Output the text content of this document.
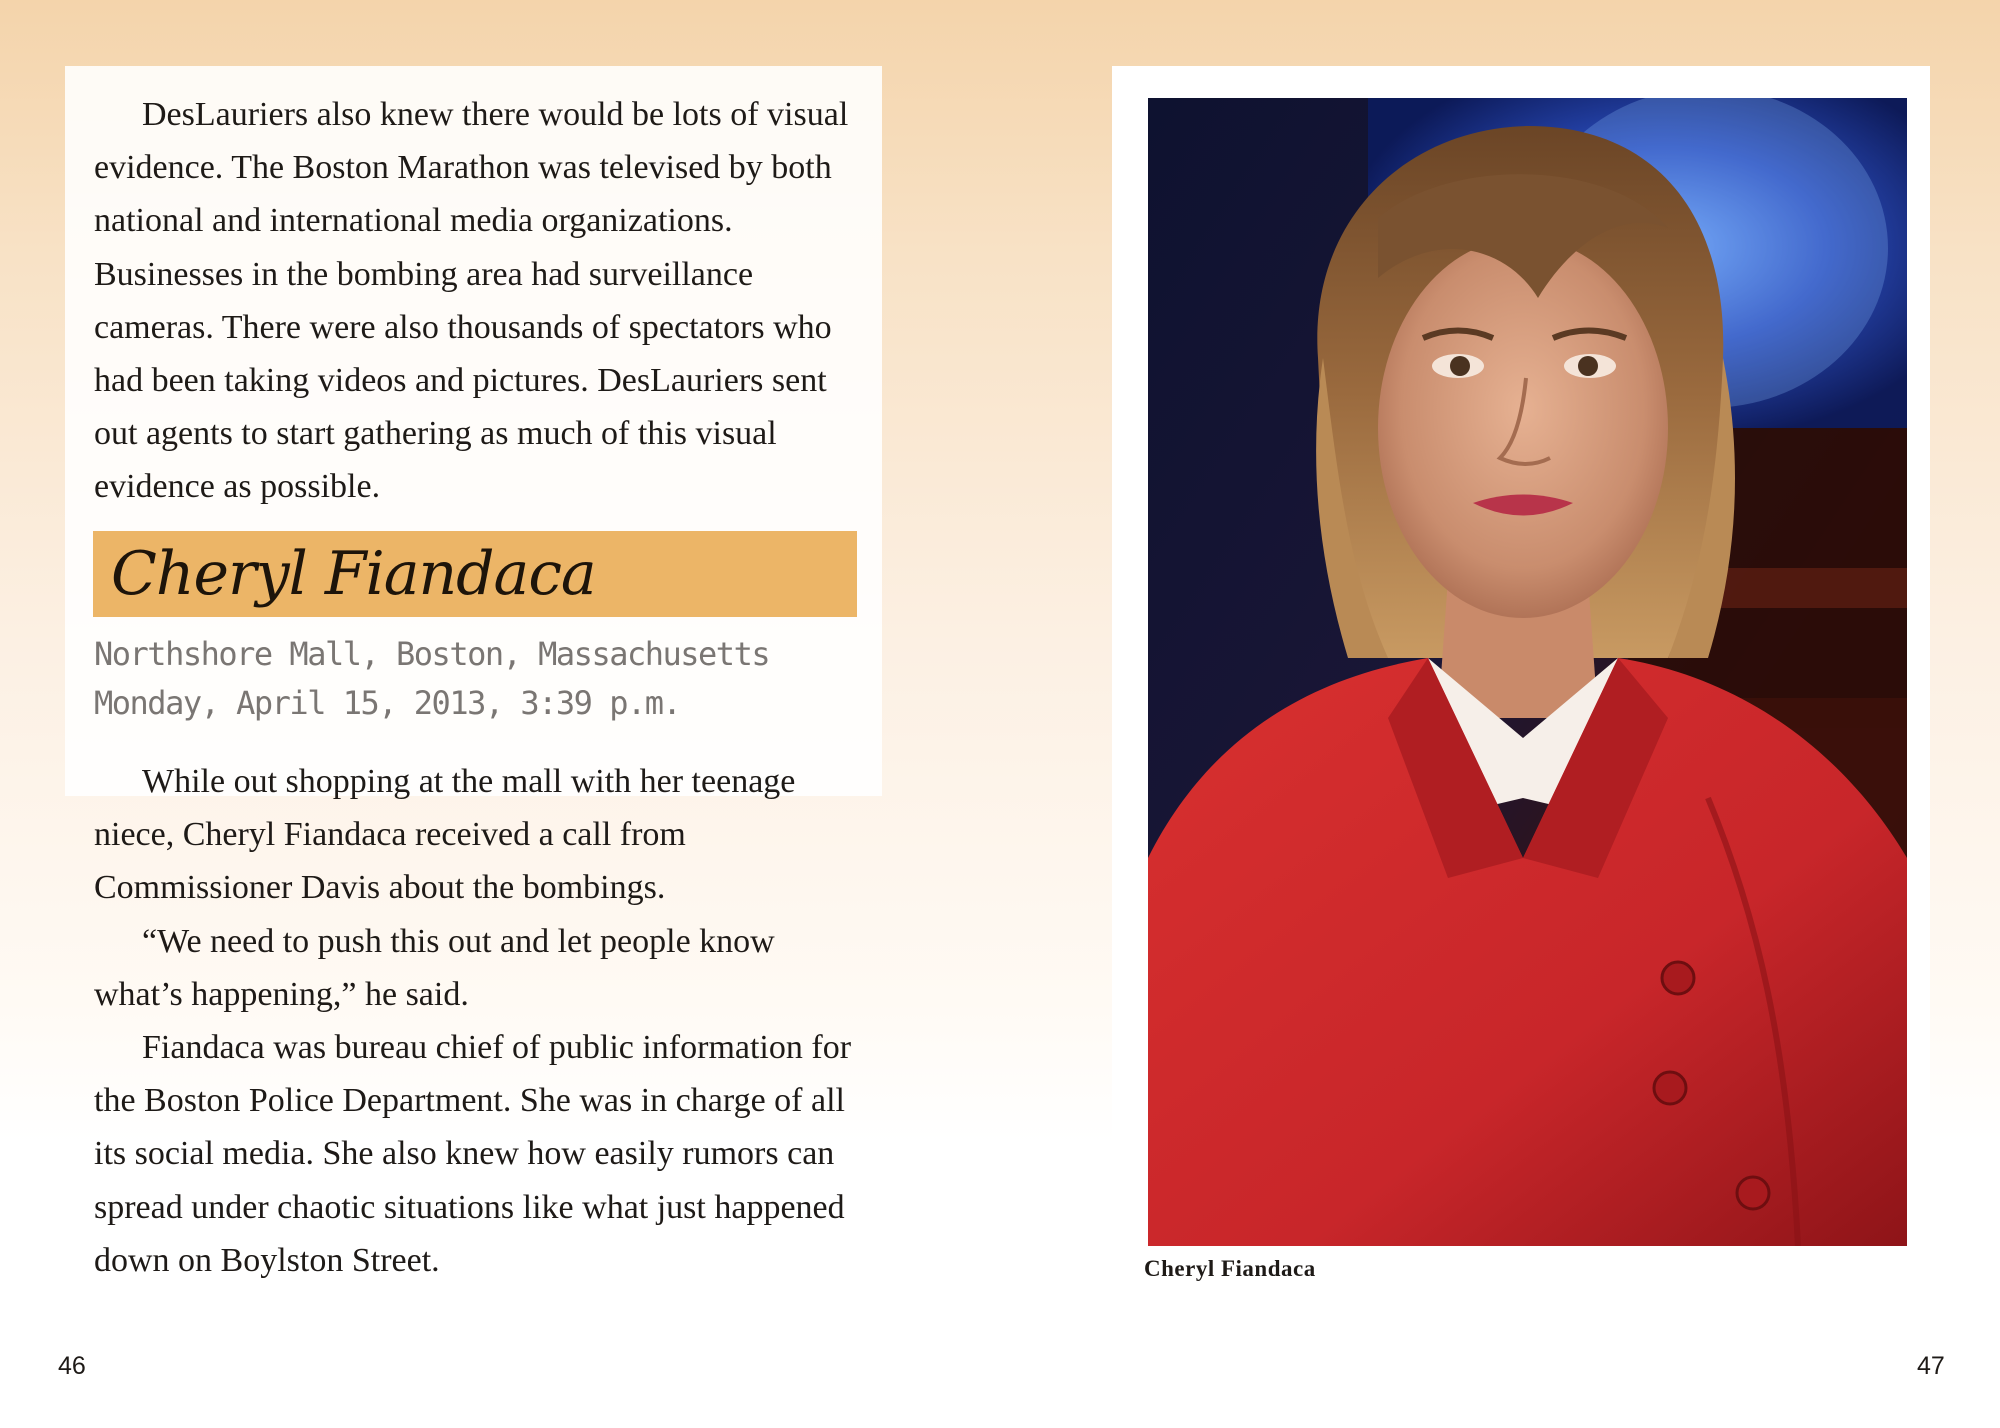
DesLauriers also knew there would be lots of visual evidence. The Boston Marathon was televised by both national and international media organizations. Businesses in the bombing area had surveillance cameras. There were also thousands of spectators who had been taking videos and pictures. DesLauriers sent out agents to start gathering as much of this visual evidence as possible.

Cheryl Fiandaca
Northshore Mall, Boston, Massachusetts
Monday, April 15, 2013, 3:39 p.m.

While out shopping at the mall with her teenage niece, Cheryl Fiandaca received a call from Commissioner Davis about the bombings.

“We need to push this out and let people know what’s happening,” he said.

Fiandaca was bureau chief of public information for the Boston Police Department. She was in charge of all its social media. She also knew how easily rumors can spread under chaotic situations like what just happened down on Boylston Street.

46
Cheryl Fiandaca
47
